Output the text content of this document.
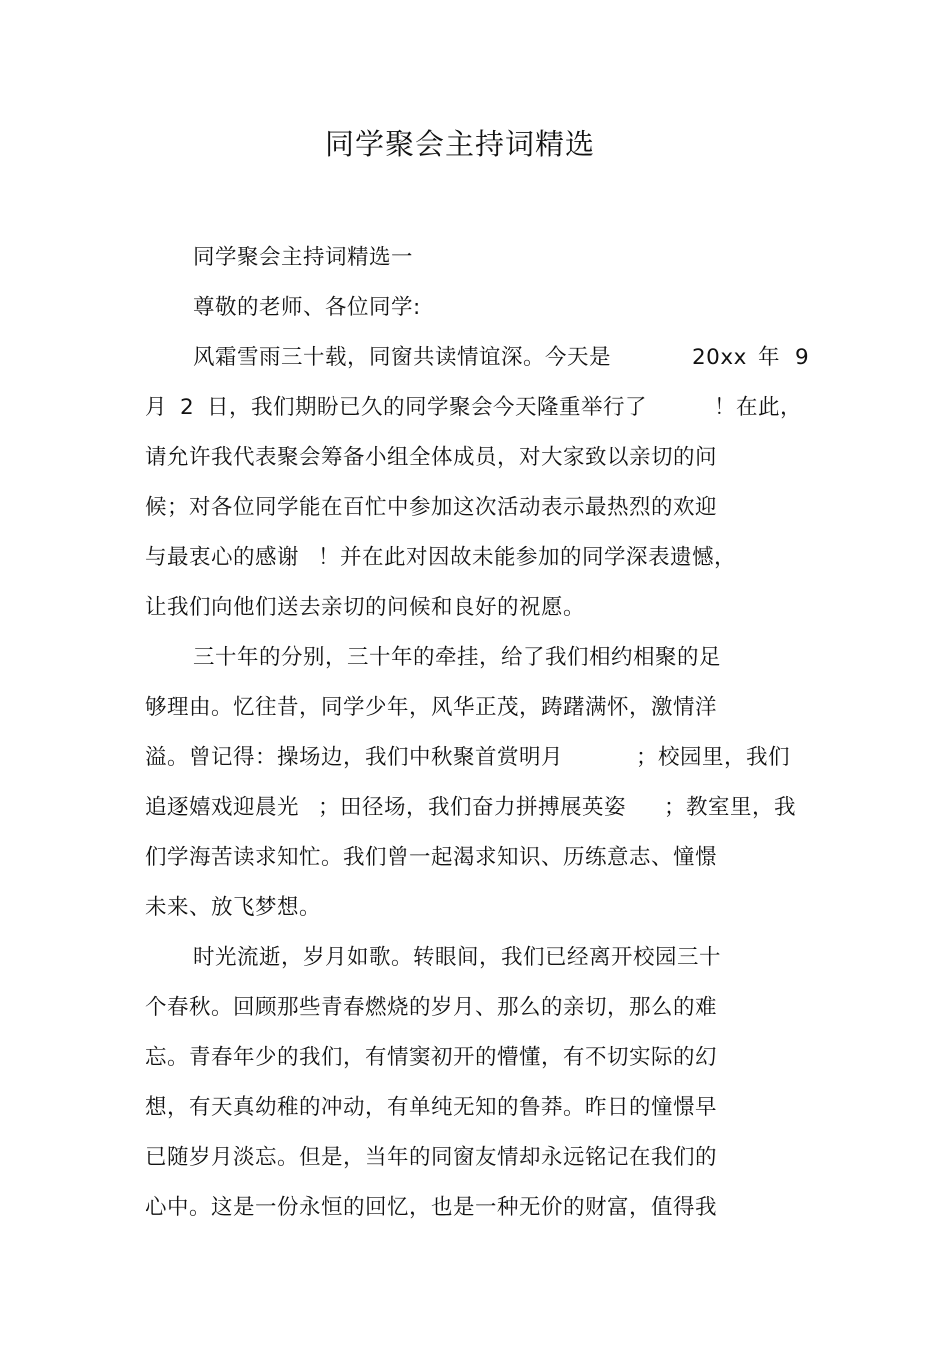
同学聚会主持词精选
同学聚会主持词精选一
尊敬的老师、各位同学:
风霜雪雨三十载，同窗共读情谊深。今天是	20xx 年 9
月 2 日，我们期盼已久的同学聚会今天隆重举行了	！在此，
请允许我代表聚会筹备小组全体成员，对大家致以亲切的问
候；对各位同学能在百忙中参加这次活动表示最热烈的欢迎
与最衷心的感谢 ！并在此对因故未能参加的同学深表遗憾，
让我们向他们送去亲切的问候和良好的祝愿。
三十年的分别，三十年的牵挂，给了我们相约相聚的足
够理由。忆往昔，同学少年，风华正茂，踌躇满怀，激情洋
溢。曾记得：操场边，我们中秋聚首赏明月	；校园里，我们
追逐嬉戏迎晨光 ；田径场，我们奋力拼搏展英姿 ；教室里，我
们学海苦读求知忙。我们曾一起渴求知识、历练意志、憧憬
未来、放飞梦想。
时光流逝，岁月如歌。转眼间，我们已经离开校园三十
个春秋。回顾那些青春燃烧的岁月、那么的亲切，那么的难
忘。青春年少的我们，有情窦初开的懵懂，有不切实际的幻
想，有天真幼稚的冲动，有单纯无知的鲁莽。昨日的憧憬早
已随岁月淡忘。但是，当年的同窗友情却永远铭记在我们的
心中。这是一份永恒的回忆，也是一种无价的财富，值得我
